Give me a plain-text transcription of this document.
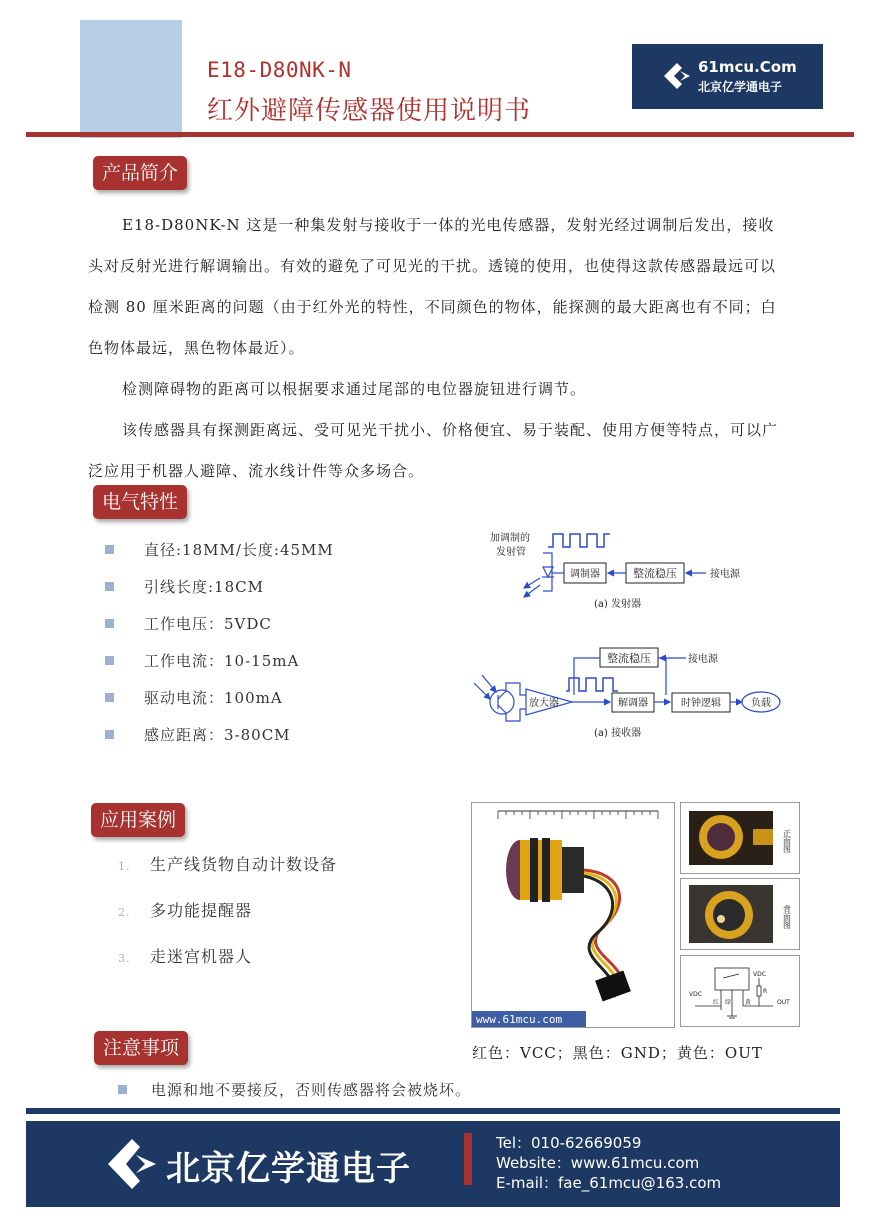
E18-D80NK-N
红外避障传感器使用说明书
61mcu.Com
北京亿学通电子
产品简介

E18-D80NK-N 这是一种集发射与接收于一体的光电传感器，发射光经过调制后发出，接收头对反射光进行解调输出。有效的避免了可见光的干扰。透镜的使用，也使得这款传感器最远可以检测 80 厘米距离的问题（由于红外光的特性，不同颜色的物体，能探测的最大距离也有不同；白色物体最远，黑色物体最近）。

检测障碍物的距离可以根据要求通过尾部的电位器旋钮进行调节。

该传感器具有探测距离远、受可见光干扰小、价格便宜、易于装配、使用方便等特点，可以广泛应用于机器人避障、流水线计件等众多场合。

电气特性
直径:18MM/长度:45MM
引线长度:18CM
工作电压：5VDC
工作电流：10-15mA
驱动电流：100mA
感应距离：3-80CM
加调制的
发射管
调制器	整流稳压	接电源
(a) 发射器
整流稳压	接电源
放大器	解调器	时钟逻辑	负载
(a) 接收器
应用案例
1. 生产线货物自动计数设备
2. 多功能提醒器
3. 走迷宫机器人
www.61mcu.com
正面图
背面图
VDC
VDC	R
红 绿 黄	OUT
红色：VCC；黑色：GND；黄色：OUT
注意事项
电源和地不要接反，否则传感器将会被烧坏。
北京亿学通电子
Tel：010-62669059
Website：www.61mcu.com
E-mail：fae_61mcu@163.com
